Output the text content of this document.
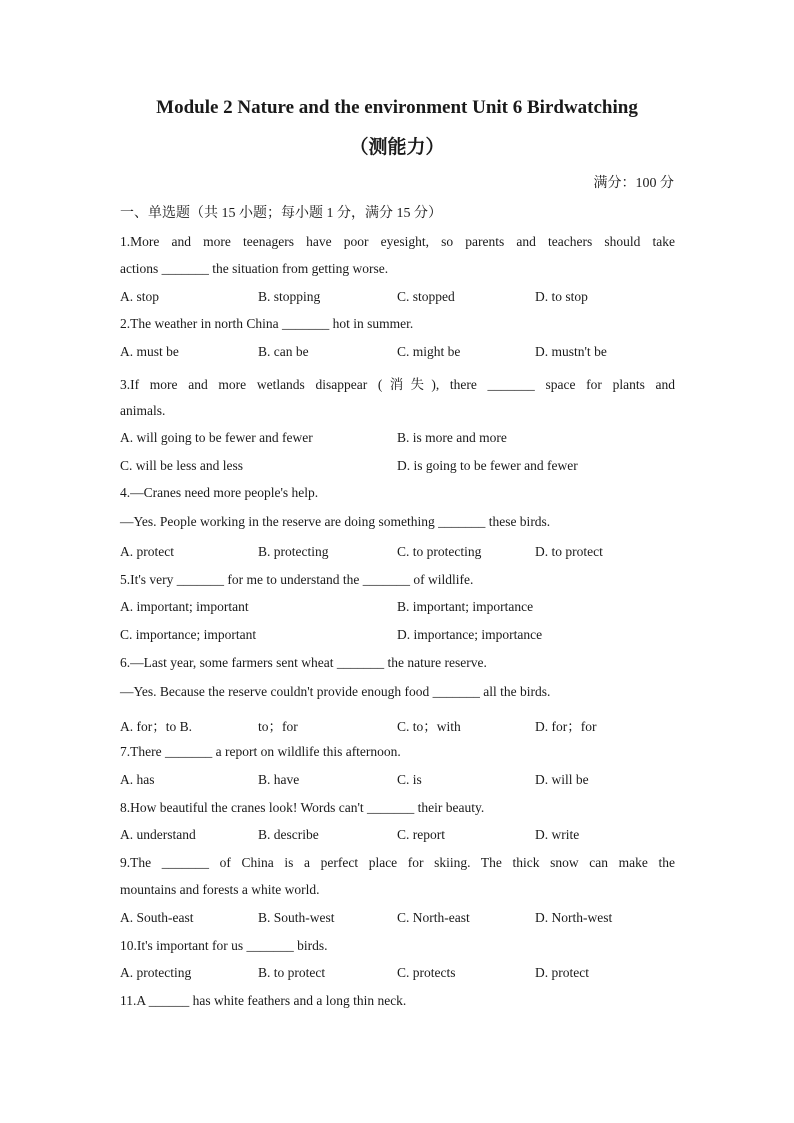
Module 2 Nature and the environment Unit 6 Birdwatching
（测能力）
满分：100 分
一、单选题（共 15 小题；每小题 1 分，满分 15 分）
1.More and more teenagers have poor eyesight, so parents and teachers should take
actions _______ the situation from getting worse.
A. stop	B. stopping	C. stopped	D. to stop
2.The weather in north China _______ hot in summer.
A. must be	B. can be	C. might be	D. mustn't be
3.If more and more wetlands disappear (消失), there _______ space for plants and
animals.
A. will going to be fewer and fewer	B. is more and more
C. will be less and less	D. is going to be fewer and fewer
4.—Cranes need more people's help.
—Yes. People working in the reserve are doing something _______ these birds.
A. protect	B. protecting	C. to protecting	D. to protect
5.It's very _______ for me to understand the _______ of wildlife.
A. important; important	B. important; importance
C. importance; important	D. importance; importance
6.—Last year, some farmers sent wheat _______ the nature reserve.
—Yes. Because the reserve couldn't provide enough food _______ all the birds.
A. for；to B.	to；for	C. to；with	D. for；for
7.There _______ a report on wildlife this afternoon.
A. has	B. have	C. is	D. will be
8.How beautiful the cranes look! Words can't _______ their beauty.
A. understand	B. describe	C. report	D. write
9.The _______ of China is a perfect place for skiing. The thick snow can make the
mountains and forests a white world.
A. South-east	B. South-west	C. North-east	D. North-west
10.It's important for us _______ birds.
A. protecting	B. to protect	C. protects	D. protect
11.A ______ has white feathers and a long thin neck.
